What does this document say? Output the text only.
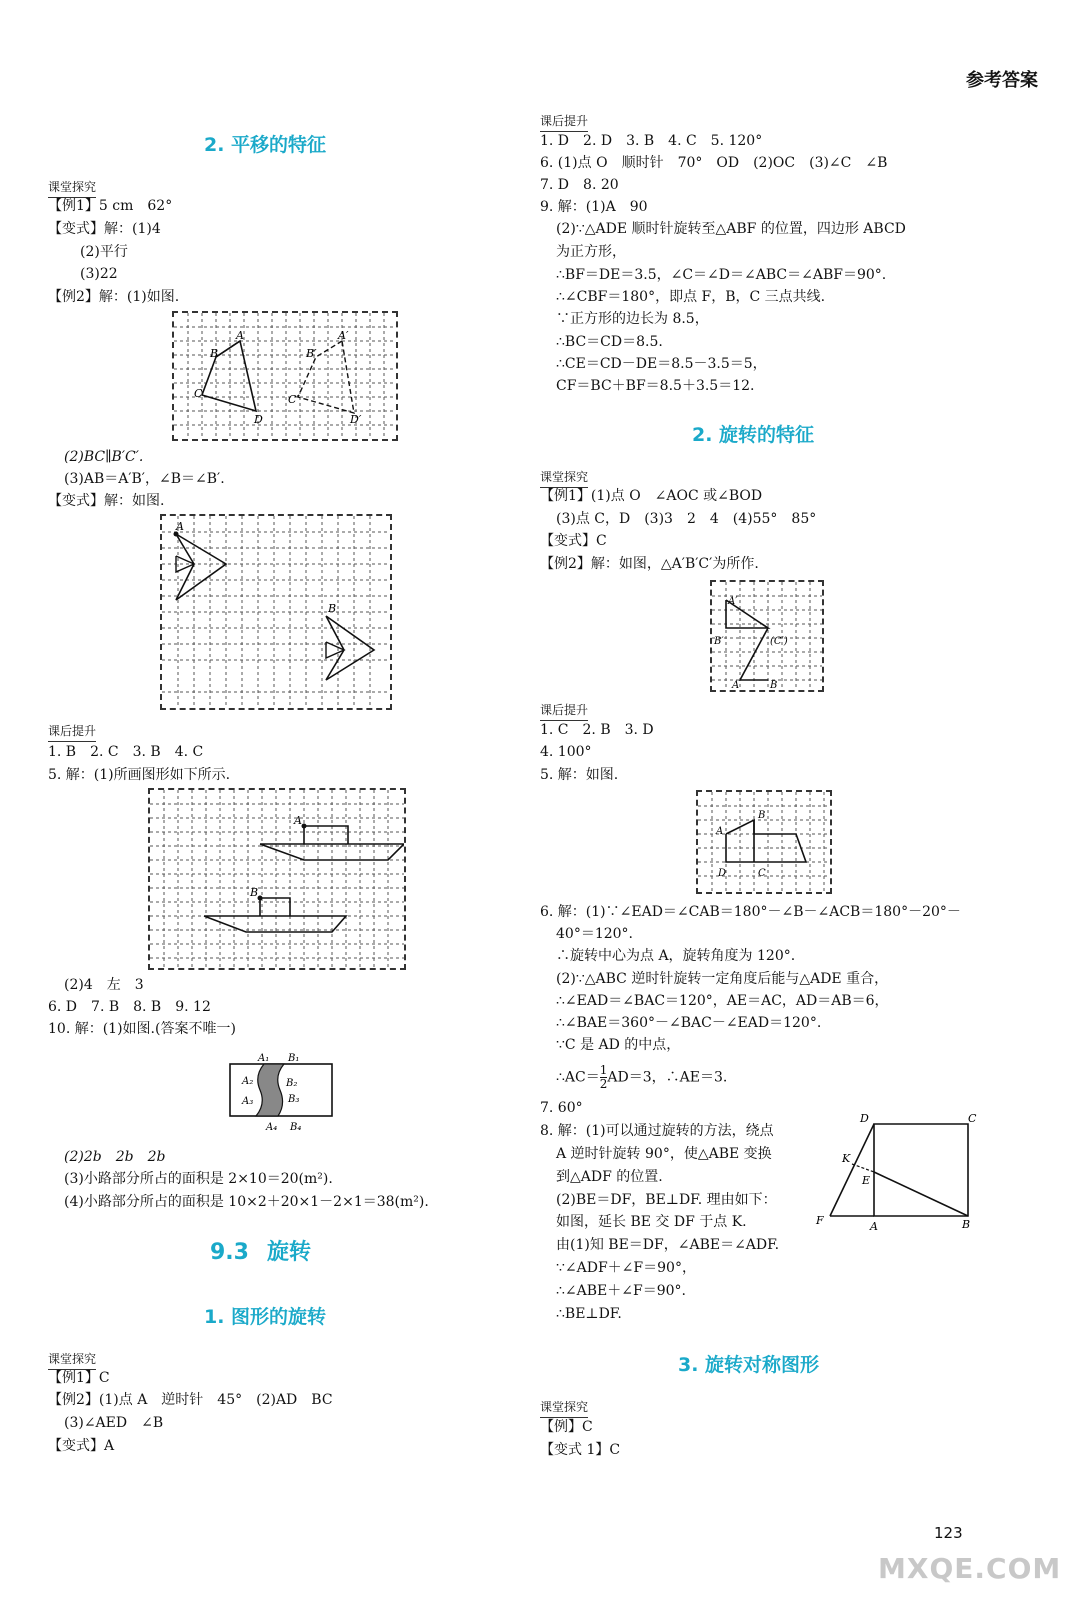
参考答案
2. 平移的特征
课堂探究
【例1】5 cm　62°
【变式】解：(1)4
(2)平行
(3)22
【例2】解：(1)如图.
A
B
C
D
A′
B′
C′
D′
(2)BC∥B′C′.
(3)AB＝A′B′，∠B＝∠B′.
【变式】解：如图.
A
B
课后提升
1. B　2. C　3. B　4. C
5. 解：(1)所画图形如下所示.
A
B
(2)4　左　3
6. D　7. B　8. B　9. 12
10. 解：(1)如图.(答案不唯一)
A₁ B₁
A₂	B₂
A₃	B₃
A₄ B₄
(2)2b　2b　2b
(3)小路部分所占的面积是 2×10＝20(m²).
(4)小路部分所占的面积是 10×2＋20×1－2×1＝38(m²).
9.3 旋转
1. 图形的旋转
课堂探究
【例1】C
【例2】(1)点 A　逆时针　45°　(2)AD　BC
(3)∠AED　∠B
【变式】A
课后提升
1. D　2. D　3. B　4. C　5. 120°
6. (1)点 O　顺时针　70°　OD　(2)OC　(3)∠C　∠B
7. D　8. 20
9. 解：(1)A　90
(2)∵△ADE 顺时针旋转至△ABF 的位置，四边形 ABCD
为正方形，
∴BF＝DE＝3.5，∠C＝∠D＝∠ABC＝∠ABF＝90°.
∴∠CBF＝180°，即点 F，B，C 三点共线.
∵正方形的边长为 8.5，
∴BC＝CD＝8.5.
∴CE＝CD－DE＝8.5－3.5＝5，
CF＝BC＋BF＝8.5＋3.5＝12.
2. 旋转的特征
课堂探究
【例1】(1)点 O　∠AOC 或∠BOD
(3)点 C，D　(3)3　2　4　(4)55°　85°
【变式】C
【例2】解：如图，△A′B′C′为所作.
A′
B′	(C′)
A	B
课后提升
1. C　2. B　3. D
4. 100°
5. 解：如图.
A
B
C
D
6. 解：(1)∵∠EAD＝∠CAB＝180°－∠B－∠ACB＝180°－20°－
40°＝120°.
∴旋转中心为点 A，旋转角度为 120°.
(2)∵△ABC 逆时针旋转一定角度后能与△ADE 重合，
∴∠EAD＝∠BAC＝120°，AE＝AC，AD＝AB＝6，
∴∠BAE＝360°－∠BAC－∠EAD＝120°.
∵C 是 AD 的中点，
∴AC＝ $\frac{1}{2} AD=3$，∴AE＝3.
7. 60°
8. 解：(1)可以通过旋转的方法，绕点
A 逆时针旋转 90°，使△ABE 变换
到△ADF 的位置.
(2)BE＝DF，BE⊥DF. 理由如下：
如图，延长 BE 交 DF 于点 K.
由(1)知 BE＝DF，∠ABE＝∠ADF.
∵∠ADF＋∠F＝90°，
∴∠ABE＋∠F＝90°.
∴BE⊥DF.
D	C
K
E
F	A	B
3. 旋转对称图形
课堂探究
【例】C
【变式 1】C
123
MXQE.COM
